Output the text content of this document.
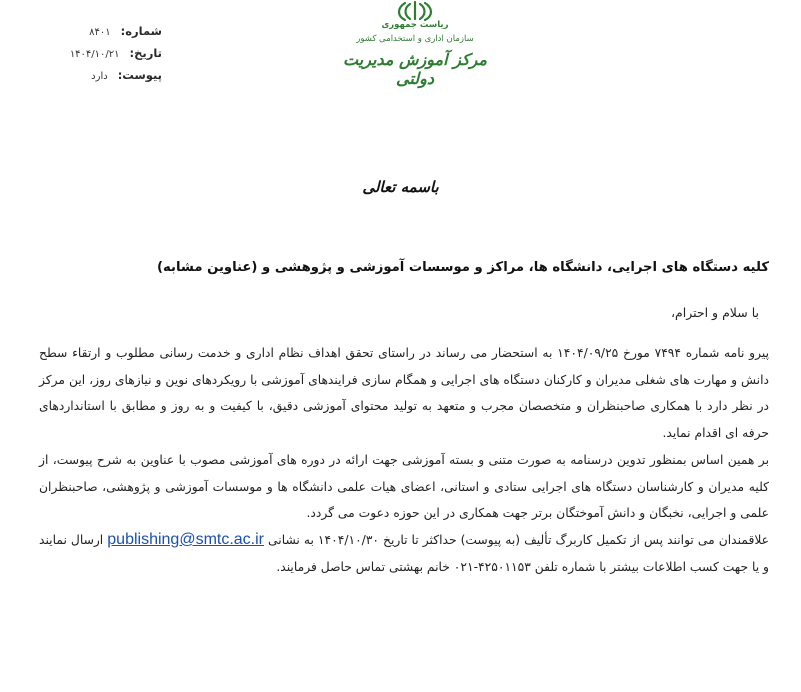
شماره:
۸۴۰۱
تاریخ:
۱۴۰۴/۱۰/۲۱
پیوست:
دارد
ریاست جمهوری
سازمان اداری و استخدامی کشور
مرکز آموزش مدیریت دولتی
باسمه تعالی
کلیه دستگاه های اجرایی، دانشگاه ها، مراکز و موسسات آموزشی و پژوهشی و (عناوین مشابه)
با سلام و احترام،

پیرو نامه شماره ۷۴۹۴ مورخ ۱۴۰۴/۰۹/۲۵ به استحضار می رساند در راستای تحقق اهداف نظام اداری و خدمت رسانی مطلوب و ارتقاء سطح دانش و مهارت های شغلی مدیران و کارکنان دستگاه های اجرایی و همگام سازی فرایندهای آموزشی با رویکردهای نوین و نیازهای روز، این مرکز در نظر دارد با همکاری صاحبنظران و متخصصان مجرب و متعهد به تولید محتوای آموزشی دقیق، با کیفیت و به روز و مطابق با استانداردهای حرفه ای اقدام نماید.

بر همین اساس بمنظور تدوین درسنامه به صورت متنی و بسته آموزشی جهت ارائه در دوره های آموزشی مصوب با عناوین به شرح پیوست، از کلیه مدیران و کارشناسان دستگاه های اجرایی ستادی و استانی، اعضای هیات علمی دانشگاه ها و موسسات آموزشی و پژوهشی، صاحبنظران علمی و اجرایی، نخبگان و دانش آموختگان برتر جهت همکاری در این حوزه دعوت می گردد.

علاقمندان می توانند پس از تکمیل کاربرگ تألیف (به پیوست) حداکثر تا تاریخ ۱۴۰۴/۱۰/۳۰ به نشانی publishing@smtc.ac.ir ارسال نمایند و یا جهت کسب اطلاعات بیشتر با شماره تلفن ۴۲۵۰۱۱۵۳-۰۲۱ خانم بهشتی تماس حاصل فرمایند.
